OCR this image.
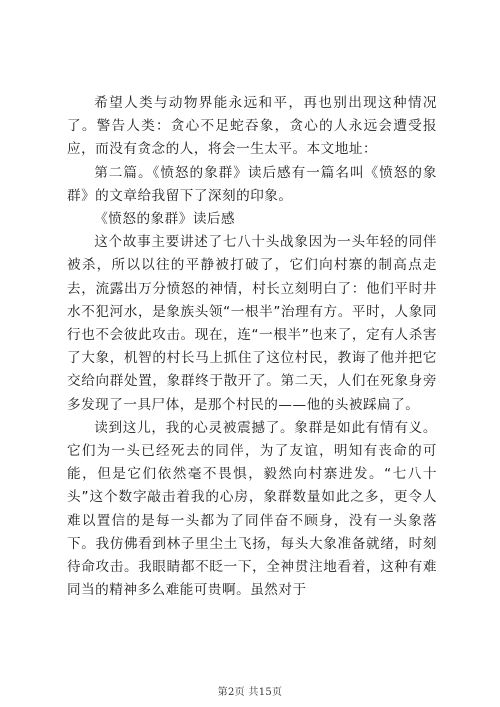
希望人类与动物界能永远和平，再也别出现这种情况了。警告人类：贪心不足蛇吞象，贪心的人永远会遭受报应，而没有贪念的人，将会一生太平。本文地址：

第二篇。《愤怒的象群》读后感有一篇名叫《愤怒的象群》的文章给我留下了深刻的印象。

《愤怒的象群》读后感

这个故事主要讲述了七八十头战象因为一头年轻的同伴被杀，所以以往的平静被打破了，它们向村寨的制高点走去，流露出万分愤怒的神情，村长立刻明白了：他们平时井水不犯河水，是象族头领“一根半”治理有方。平时，人象同行也不会彼此攻击。现在，连“一根半”也来了，定有人杀害了大象，机智的村长马上抓住了这位村民，教诲了他并把它交给向群处置，象群终于散开了。第二天，人们在死象身旁多发现了一具尸体，是那个村民的——他的头被踩扁了。

读到这儿，我的心灵被震撼了。象群是如此有情有义。它们为一头已经死去的同伴，为了友谊，明知有丧命的可能，但是它们依然毫不畏惧，毅然向村寨进发。“七八十头”这个数字敲击着我的心房，象群数量如此之多，更令人难以置信的是每一头都为了同伴奋不顾身，没有一头象落下。我仿佛看到林子里尘土飞扬，每头大象准备就绪，时刻待命攻击。我眼睛都不眨一下，全神贯注地看着，这种有难同当的精神多么难能可贵啊。虽然对于

第2页 共15页
